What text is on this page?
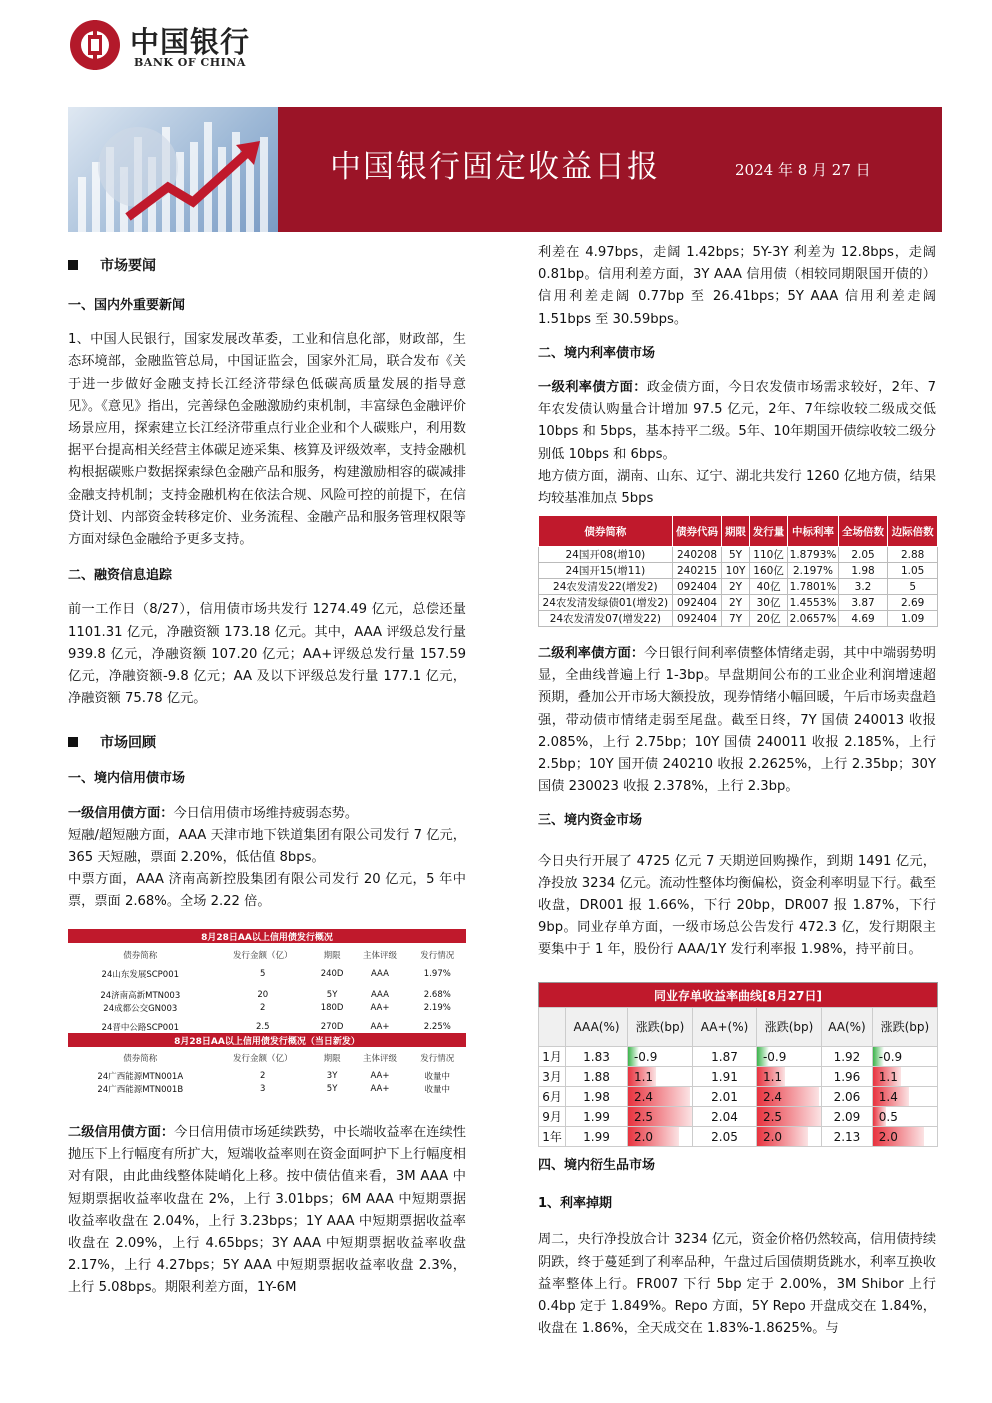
中国银行
BANK OF CHINA
中国银行固定收益日报	2024 年 8 月 27 日
市场要闻
一、国内外重要新闻

1、中国人民银行，国家发展改革委，工业和信息化部，财政部，生态环境部，金融监管总局，中国证监会，国家外汇局，联合发布《关于进一步做好金融支持长江经济带绿色低碳高质量发展的指导意见》。《意见》指出，完善绿色金融激励约束机制，丰富绿色金融评价场景应用，探索建立长江经济带重点行业企业和个人碳账户，利用数据平台提高相关经营主体碳足迹采集、核算及评级效率，支持金融机构根据碳账户数据探索绿色金融产品和服务，构建激励相容的碳减排金融支持机制；支持金融机构在依法合规、风险可控的前提下，在信贷计划、内部资金转移定价、业务流程、金融产品和服务管理权限等方面对绿色金融给予更多支持。

二、融资信息追踪

前一工作日（8/27），信用债市场共发行 1274.49 亿元，总偿还量 1101.31 亿元，净融资额 173.18 亿元。其中，AAA 评级总发行量 939.8 亿元，净融资额 107.20 亿元；AA+评级总发行量 157.59 亿元，净融资额-9.8 亿元；AA 及以下评级总发行量 177.1 亿元，净融资额 75.78 亿元。

市场回顾
一、境内信用债市场

一级信用债方面：今日信用债市场维持疲弱态势。

短融/超短融方面，AAA 天津市地下铁道集团有限公司发行 7 亿元，365 天短融，票面 2.20%，低估值 8bps。

中票方面，AAA 济南高新控股集团有限公司发行 20 亿元，5 年中票，票面 2.68%。全场 2.22 倍。

8月28日AA以上信用债发行概况				
债券简称	发行金额（亿）	期限	主体评级	发行情况
24山东发展SCP001	5	240D	AAA	1.97%

24济南高新MTN003	20	5Y	AAA	2.68%
24成都公交GN003	2	180D	AA+	2.19%

24晋中公路SCP001	2.5	270D	AA+	2.25%
8月28日AA以上信用债发行概况（当日新发）				
债券简称	发行金额（亿）	期限	主体评级	发行情况
24广西能源MTN001A	2	3Y	AA+	收量中
24广西能源MTN001B	3	5Y	AA+	收量中

二级信用债方面：今日信用债市场延续跌势，中长端收益率在连续性抛压下上行幅度有所扩大，短端收益率则在资金面呵护下上行幅度相对有限，由此曲线整体陡峭化上移。按中债估值来看，3M AAA 中短期票据收益率收盘在 2%，上行 3.01bps；6M AAA 中短期票据收益率收盘在 2.04%，上行 3.23bps；1Y AAA 中短期票据收益率收盘在 2.09%，上行 4.65bps；3Y AAA 中短期票据收益率收盘 2.17%，上行 4.27bps；5Y AAA 中短期票据收益率收盘 2.3%，上行 5.08bps。期限利差方面，1Y-6M

利差在 4.97bps，走阔 1.42bps；5Y-3Y 利差为 12.8bps，走阔 0.81bp。信用利差方面，3Y AAA 信用债（相较同期限国开债的）信用利差走阔 0.77bp 至 26.41bps；5Y AAA 信用利差走阔 1.51bps 至 30.59bps。

二、境内利率债市场

一级利率债方面：政金债方面，今日农发债市场需求较好，2年、7年农发债认购量合计增加 97.5 亿元，2年、7年综收较二级成交低 10bps 和 5bps，基本持平二级。5年、10年期国开债综收较二级分别低 10bps 和 6bps。

地方债方面，湖南、山东、辽宁、湖北共发行 1260 亿地方债，结果均较基准加点 5bps

债券简称	债券代码	期限	发行量	中标利率	全场倍数	边际倍数
24国开08(增10)	240208	5Y	110亿	1.8793%	2.05	2.88
24国开15(增11)	240215	10Y	160亿	2.197%	1.98	1.05
24农发清发22(增发2)	092404	2Y	40亿	1.7801%	3.2	5
24农发清发绿债01(增发2)	092404	2Y	30亿	1.4553%	3.87	2.69
24农发清发07(增发22)	092404	7Y	20亿	2.0657%	4.69	1.09

二级利率债方面：今日银行间利率债整体情绪走弱，其中中端弱势明显，全曲线普遍上行 1-3bp。早盘期间公布的工业企业利润增速超预期，叠加公开市场大额投放，现券情绪小幅回暖，午后市场卖盘趋强，带动债市情绪走弱至尾盘。截至日终，7Y 国债 240013 收报 2.085%，上行 2.75bp；10Y 国债 240011 收报 2.185%，上行 2.5bp；10Y 国开债 240210 收报 2.2625%，上行 2.35bp；30Y 国债 230023 收报 2.378%，上行 2.3bp。

三、境内资金市场

今日央行开展了 4725 亿元 7 天期逆回购操作，到期 1491 亿元，净投放 3234 亿元。流动性整体均衡偏松，资金利率明显下行。截至收盘，DR001 报 1.66%，下行 20bp，DR007 报 1.87%，下行 9bp。同业存单方面，一级市场总公告发行 472.3 亿，发行期限主要集中于 1 年，股份行 AAA/1Y 发行利率报 1.98%，持平前日。

同业存单收益率曲线[8月27日]						
	AAA(%)	涨跌(bp)	AA+(%)	涨跌(bp)	AA(%)	涨跌(bp)
1月	1.83	-0.9	1.87	-0.9	1.92	-0.9
3月	1.88	1.1	1.91	1.1	1.96	1.1
6月	1.98	2.4	2.01	2.4	2.06	1.4
9月	1.99	2.5	2.04	2.5	2.09	0.5
1年	1.99	2.0	2.05	2.0	2.13	2.0
四、境内衍生品市场
1、利率掉期

周二，央行净投放合计 3234 亿元，资金价格仍然较高，信用债持续阴跌，终于蔓延到了利率品种，午盘过后国债期货跳水，利率互换收益率整体上行。FR007 下行 5bp 定于 2.00%，3M Shibor 上行 0.4bp 定于 1.849%。Repo 方面，5Y Repo 开盘成交在 1.84%，收盘在 1.86%，全天成交在 1.83%-1.8625%。与
